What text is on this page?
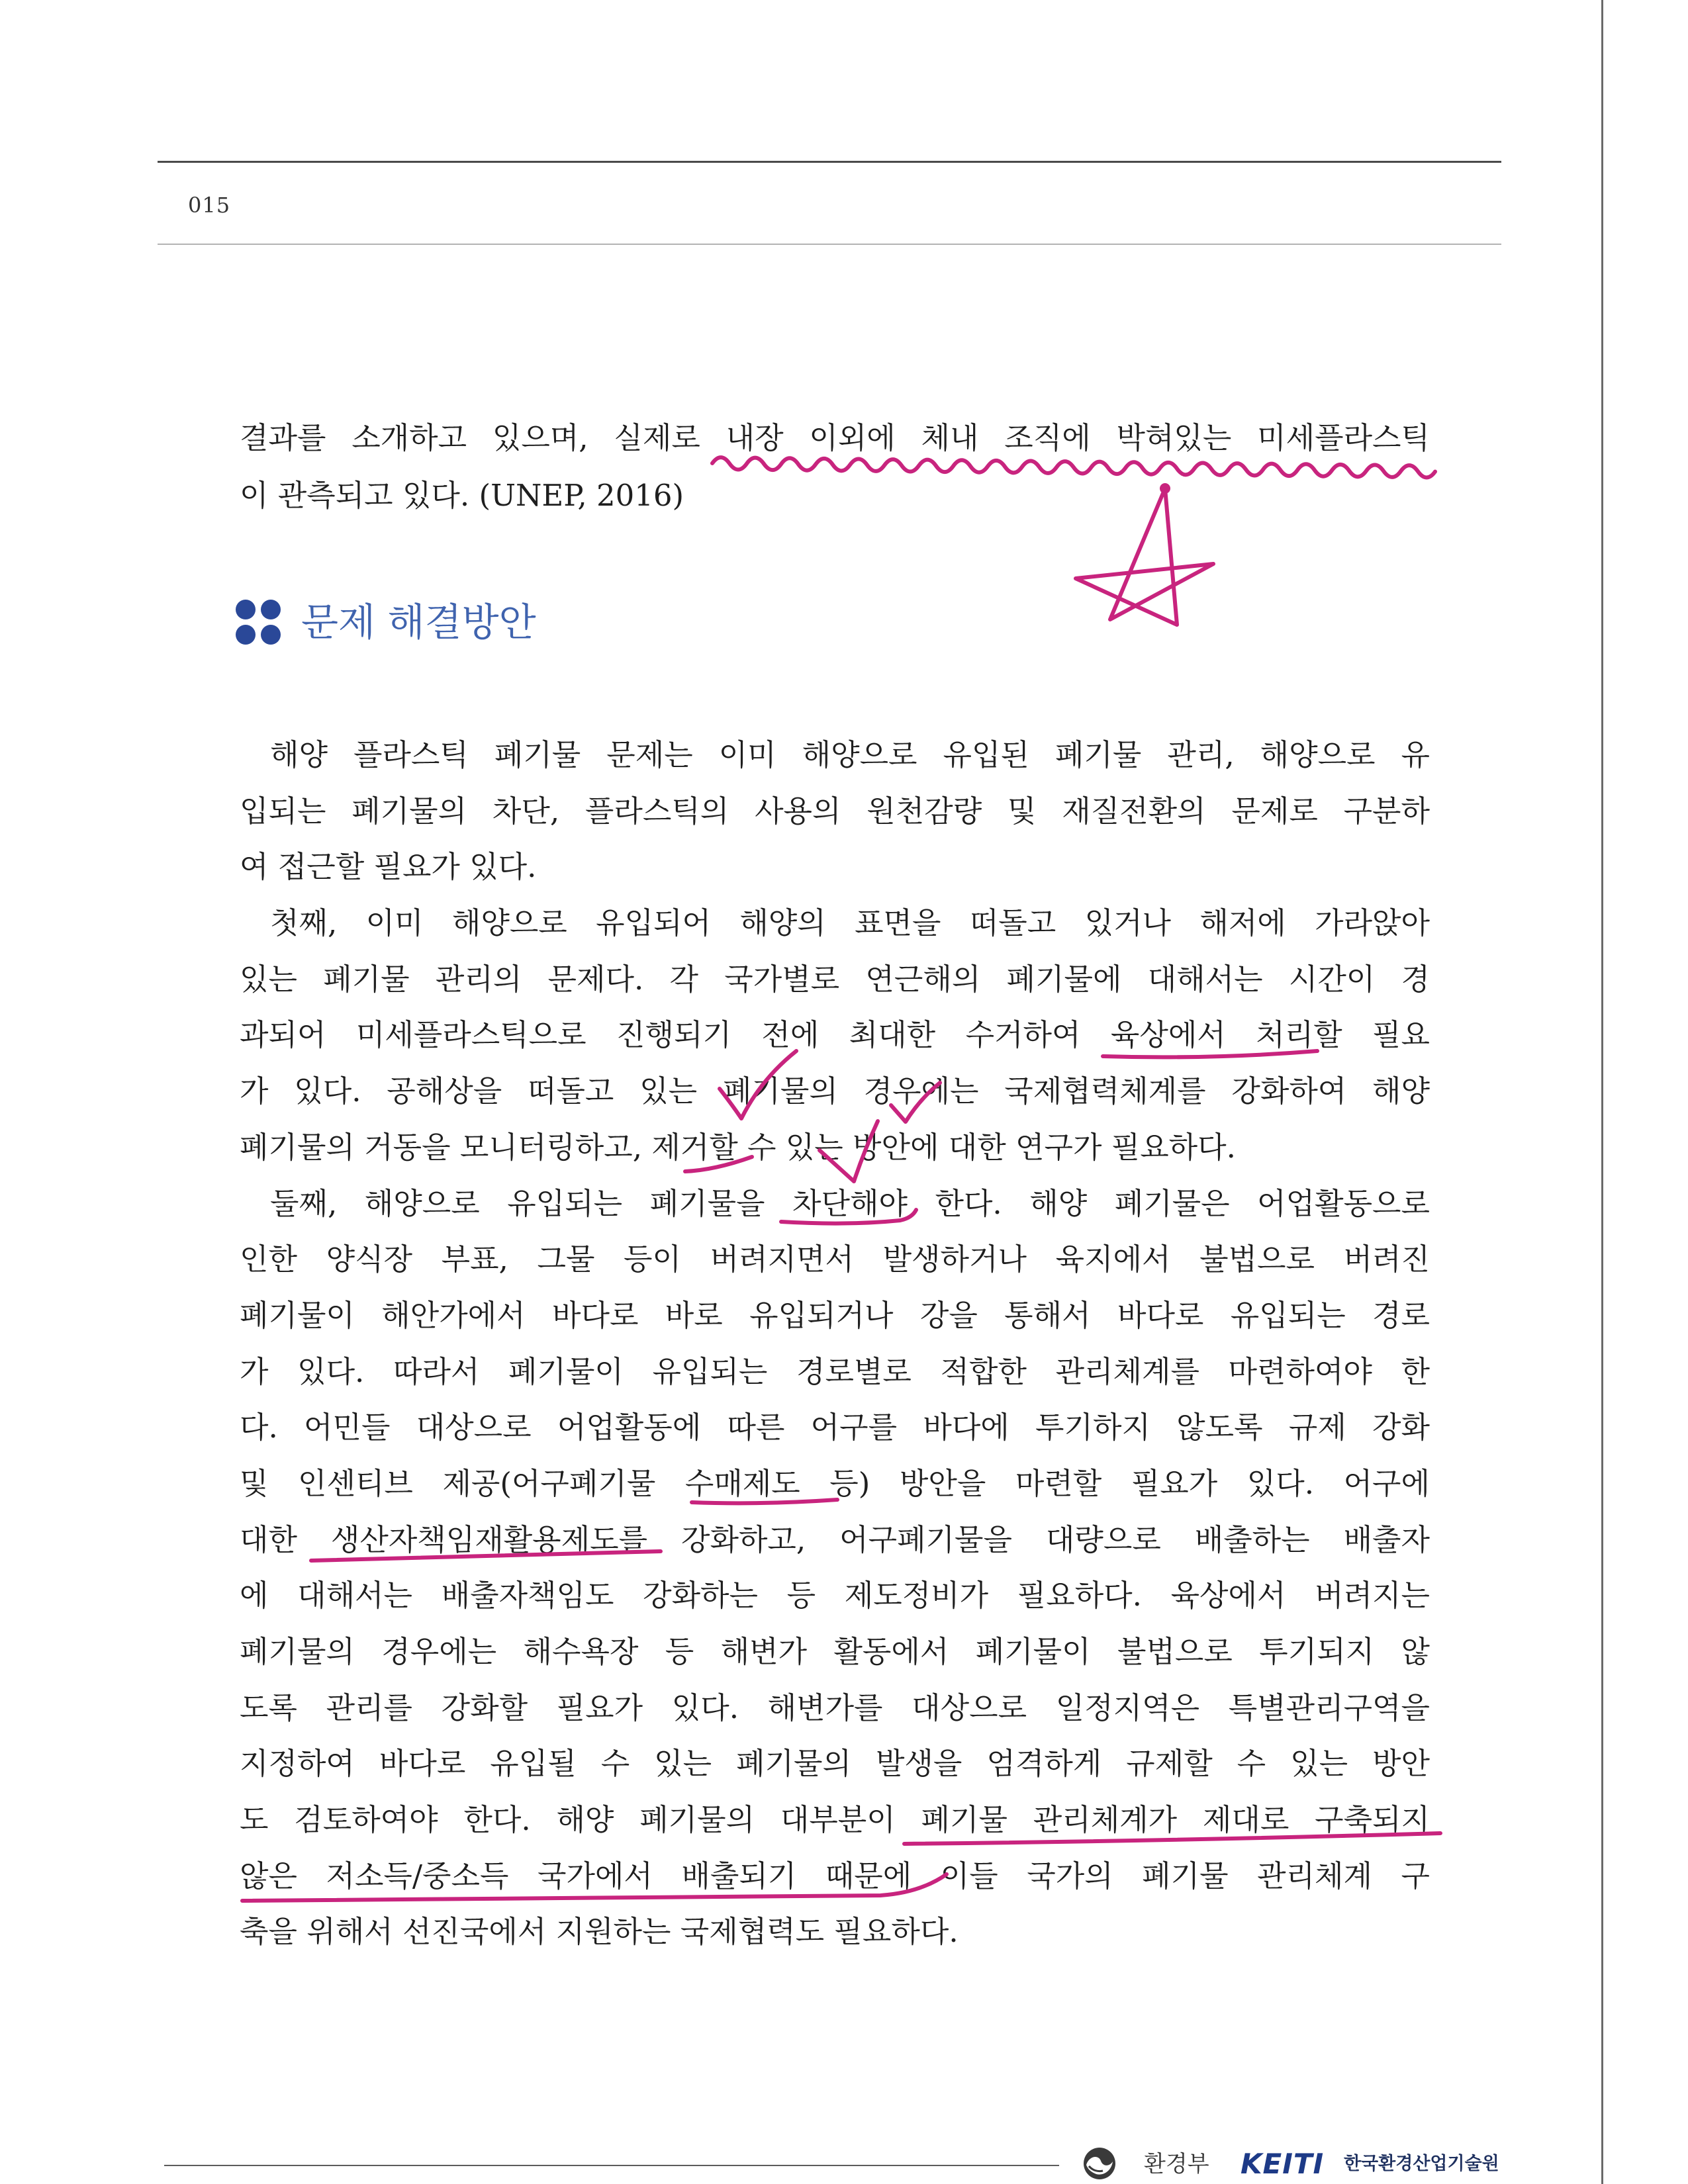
015
결과를 소개하고 있으며, 실제로 내장 이외에 체내 조직에 박혀있는 미세플라스틱
이 관측되고 있다. (UNEP, 2016)
문제 해결방안
해양 플라스틱 폐기물 문제는 이미 해양으로 유입된 폐기물 관리, 해양으로 유
입되는 폐기물의 차단, 플라스틱의 사용의 원천감량 및 재질전환의 문제로 구분하
여 접근할 필요가 있다.
첫째, 이미 해양으로 유입되어 해양의 표면을 떠돌고 있거나 해저에 가라앉아
있는 폐기물 관리의 문제다. 각 국가별로 연근해의 폐기물에 대해서는 시간이 경
과되어 미세플라스틱으로 진행되기 전에 최대한 수거하여 육상에서 처리할 필요
가 있다. 공해상을 떠돌고 있는 폐기물의 경우에는 국제협력체계를 강화하여 해양
폐기물의 거동을 모니터링하고, 제거할 수 있는 방안에 대한 연구가 필요하다.
둘째, 해양으로 유입되는 폐기물을 차단해야 한다. 해양 폐기물은 어업활동으로
인한 양식장 부표, 그물 등이 버려지면서 발생하거나 육지에서 불법으로 버려진
폐기물이 해안가에서 바다로 바로 유입되거나 강을 통해서 바다로 유입되는 경로
가 있다. 따라서 폐기물이 유입되는 경로별로 적합한 관리체계를 마련하여야 한
다. 어민들 대상으로 어업활동에 따른 어구를 바다에 투기하지 않도록 규제 강화
및 인센티브 제공(어구폐기물 수매제도 등) 방안을 마련할 필요가 있다. 어구에
대한 생산자책임재활용제도를 강화하고, 어구폐기물을 대량으로 배출하는 배출자
에 대해서는 배출자책임도 강화하는 등 제도정비가 필요하다. 육상에서 버려지는
폐기물의 경우에는 해수욕장 등 해변가 활동에서 폐기물이 불법으로 투기되지 않
도록 관리를 강화할 필요가 있다. 해변가를 대상으로 일정지역은 특별관리구역을
지정하여 바다로 유입될 수 있는 폐기물의 발생을 엄격하게 규제할 수 있는 방안
도 검토하여야 한다. 해양 폐기물의 대부분이 폐기물 관리체계가 제대로 구축되지
않은 저소득/중소득 국가에서 배출되기 때문에 이들 국가의 폐기물 관리체계 구
축을 위해서 선진국에서 지원하는 국제협력도 필요하다.
환경부 KEITI 한국환경산업기술원
